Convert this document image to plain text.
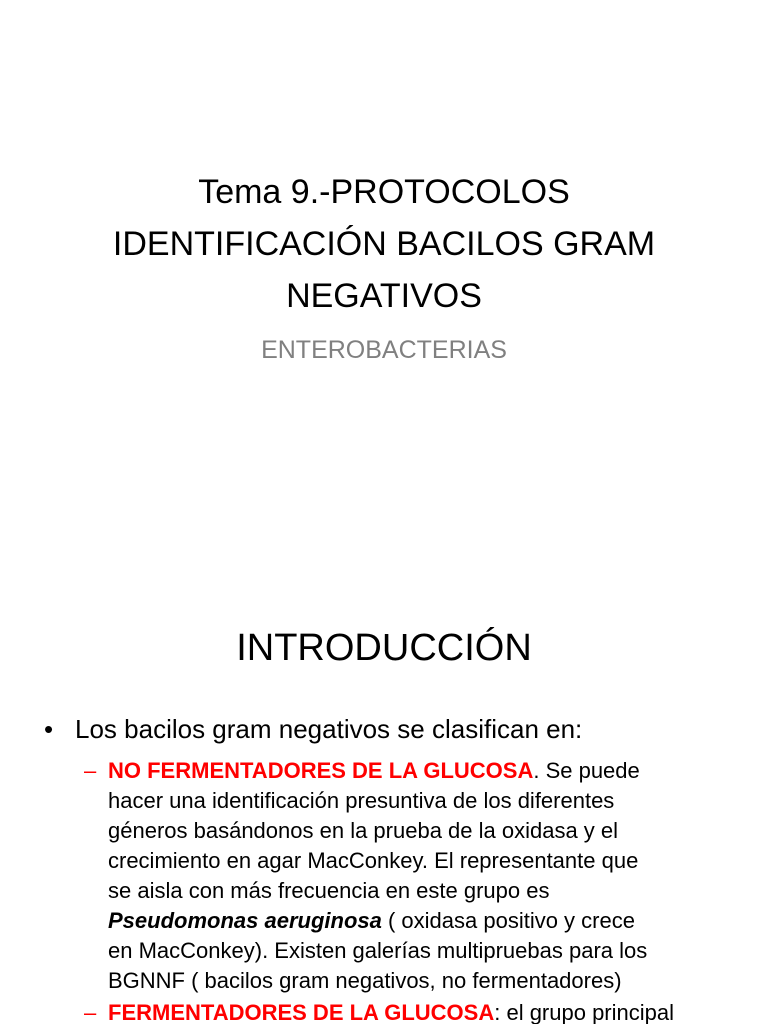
Tema 9.-PROTOCOLOS
IDENTIFICACIÓN BACILOS GRAM
NEGATIVOS
ENTEROBACTERIAS
INTRODUCCIÓN
• Los bacilos gram negativos se clasifican en:
– NO FERMENTADORES DE LA GLUCOSA. Se puede
hacer una identificación presuntiva de los diferentes
géneros basándonos en la prueba de la oxidasa y el
crecimiento en agar MacConkey. El representante que
se aisla con más frecuencia en este grupo es
Pseudomonas aeruginosa ( oxidasa positivo y crece
en MacConkey). Existen galerías multipruebas para los
BGNNF ( bacilos gram negativos, no fermentadores)
– FERMENTADORES DE LA GLUCOSA: el grupo principal
